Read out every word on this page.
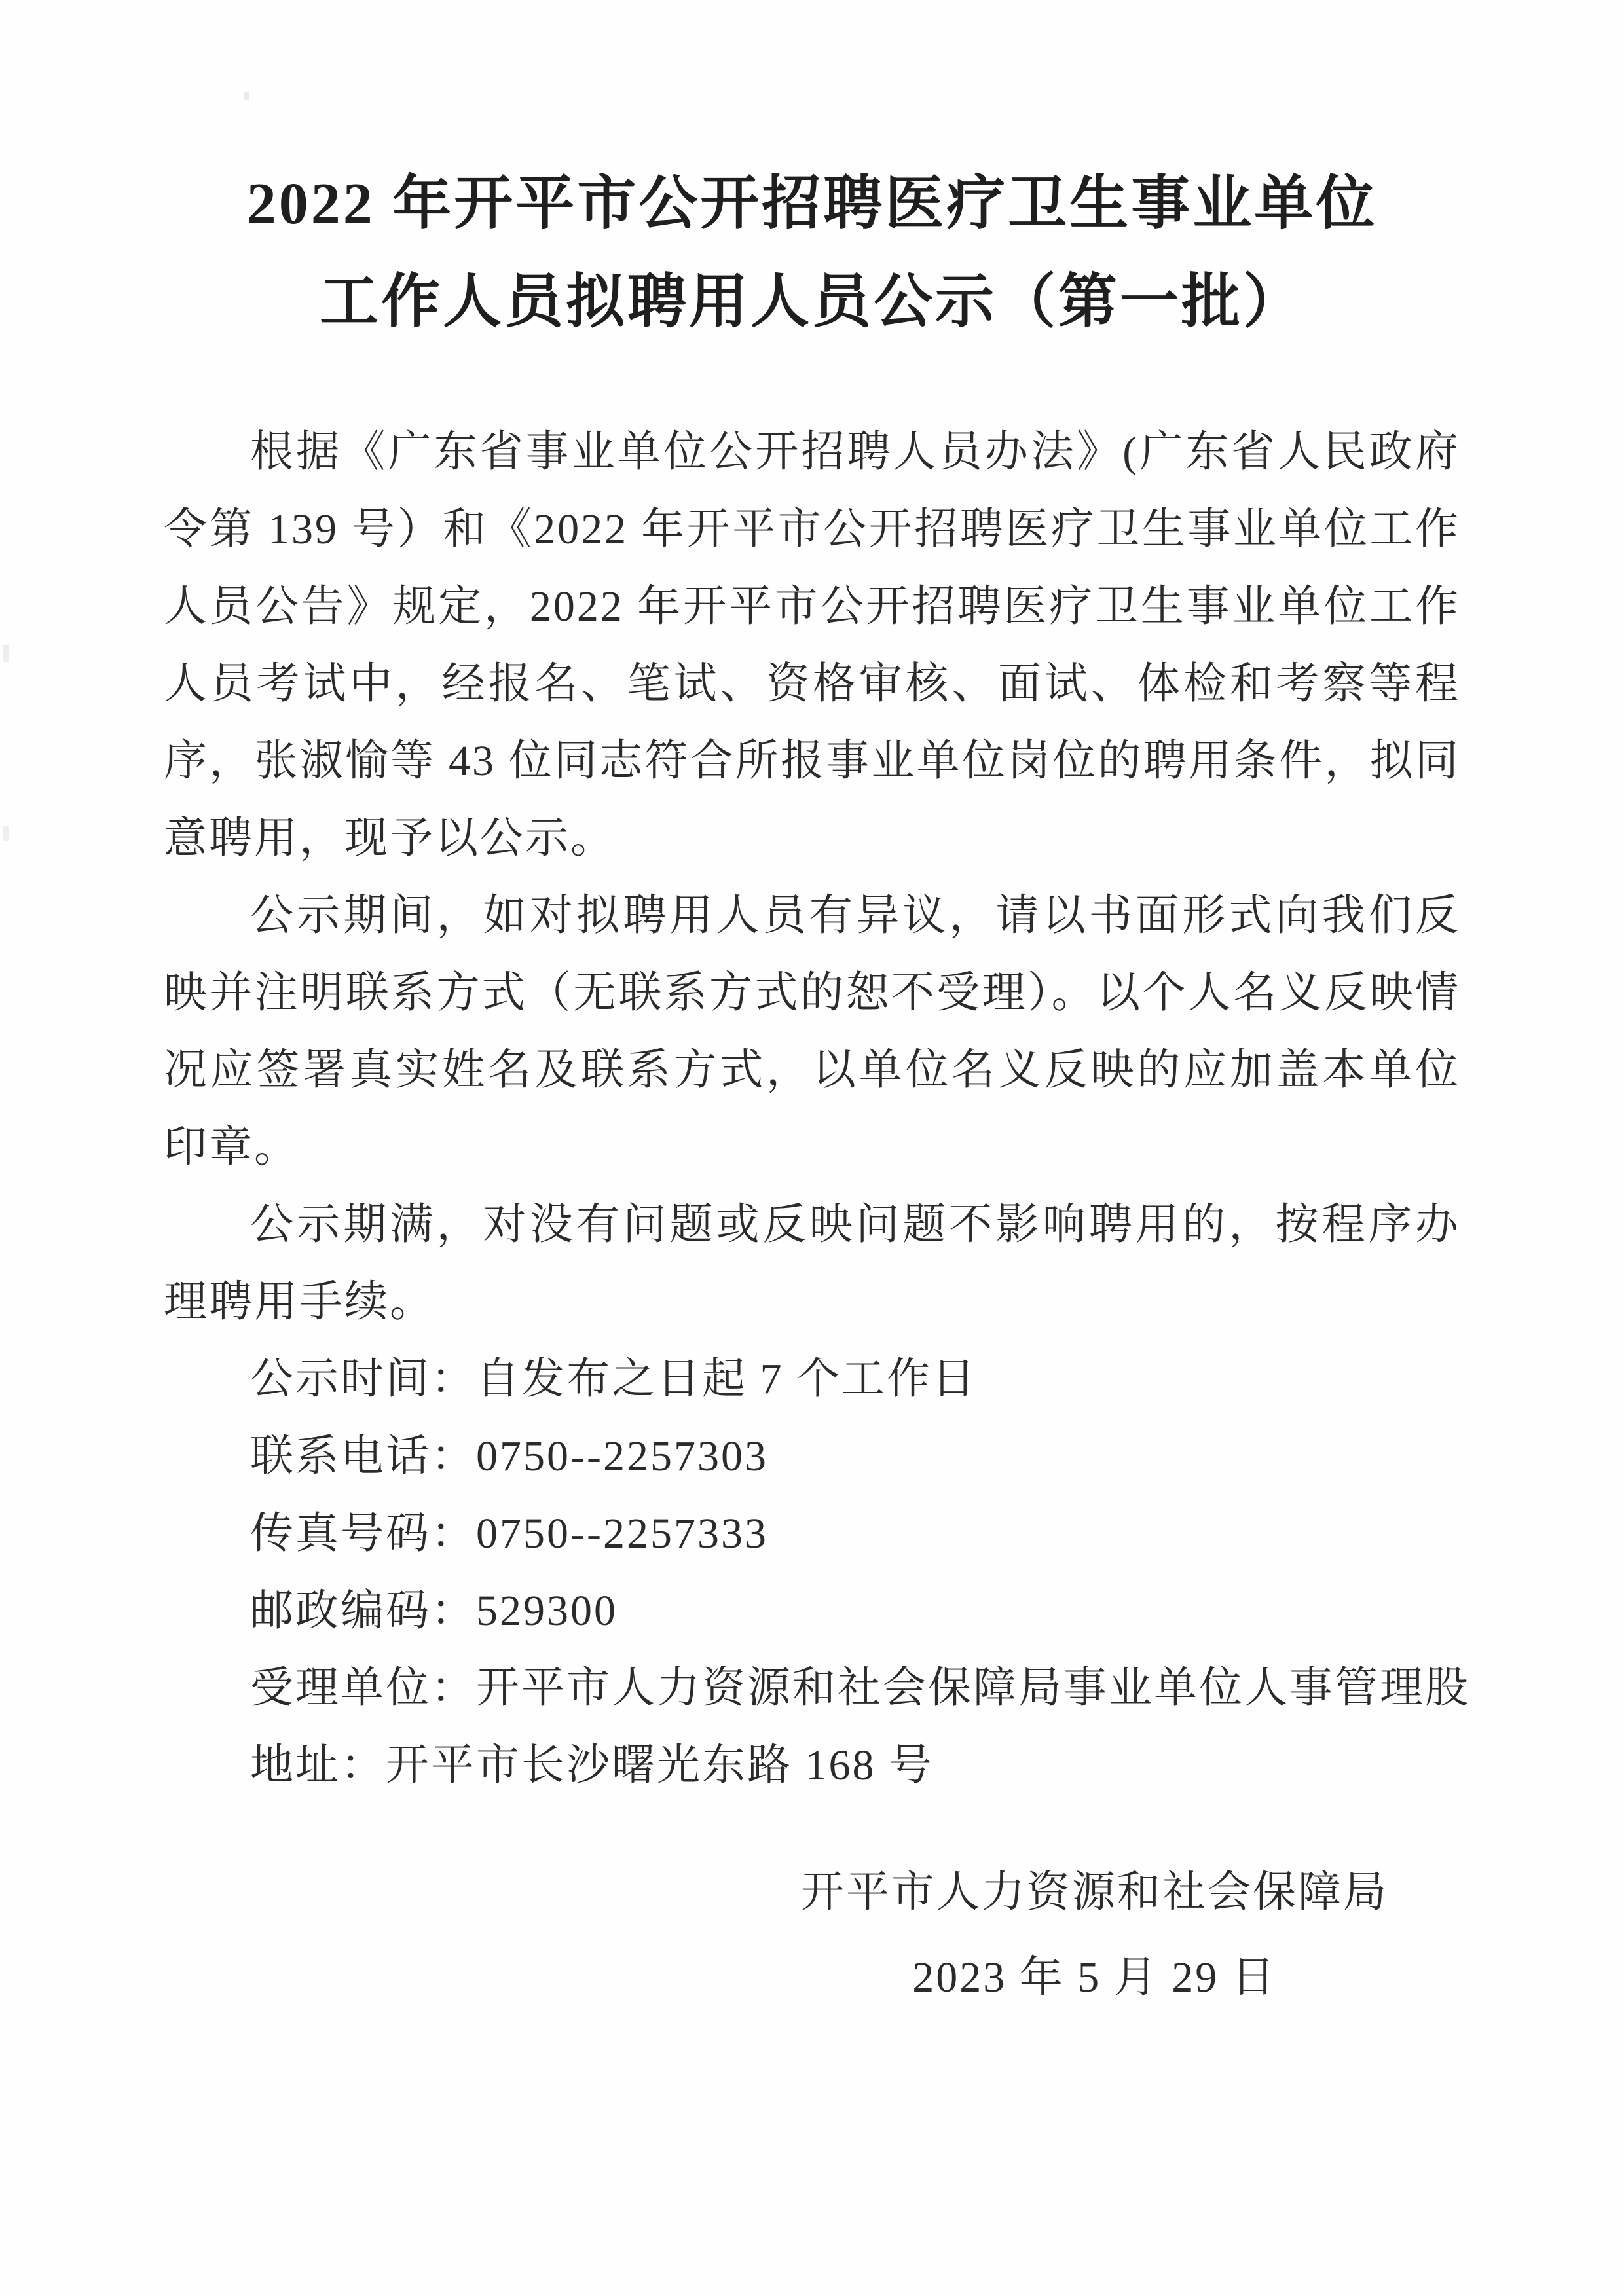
2022 年开平市公开招聘医疗卫生事业单位
工作人员拟聘用人员公示（第一批）

根据《广东省事业单位公开招聘人员办法》(广东省人民政府令第 139 号）和《2022 年开平市公开招聘医疗卫生事业单位工作人员公告》规定，2022 年开平市公开招聘医疗卫生事业单位工作人员考试中，经报名、笔试、资格审核、面试、体检和考察等程序，张淑愉等 43 位同志符合所报事业单位岗位的聘用条件，拟同意聘用，现予以公示。

公示期间，如对拟聘用人员有异议，请以书面形式向我们反映并注明联系方式（无联系方式的恕不受理）。以个人名义反映情况应签署真实姓名及联系方式，以单位名义反映的应加盖本单位印章。

公示期满，对没有问题或反映问题不影响聘用的，按程序办理聘用手续。

公示时间：自发布之日起 7 个工作日
联系电话：0750--2257303
传真号码：0750--2257333
邮政编码：529300
受理单位：开平市人力资源和社会保障局事业单位人事管理股
地址：开平市长沙曙光东路 168 号
开平市人力资源和社会保障局
2023 年 5 月 29 日
